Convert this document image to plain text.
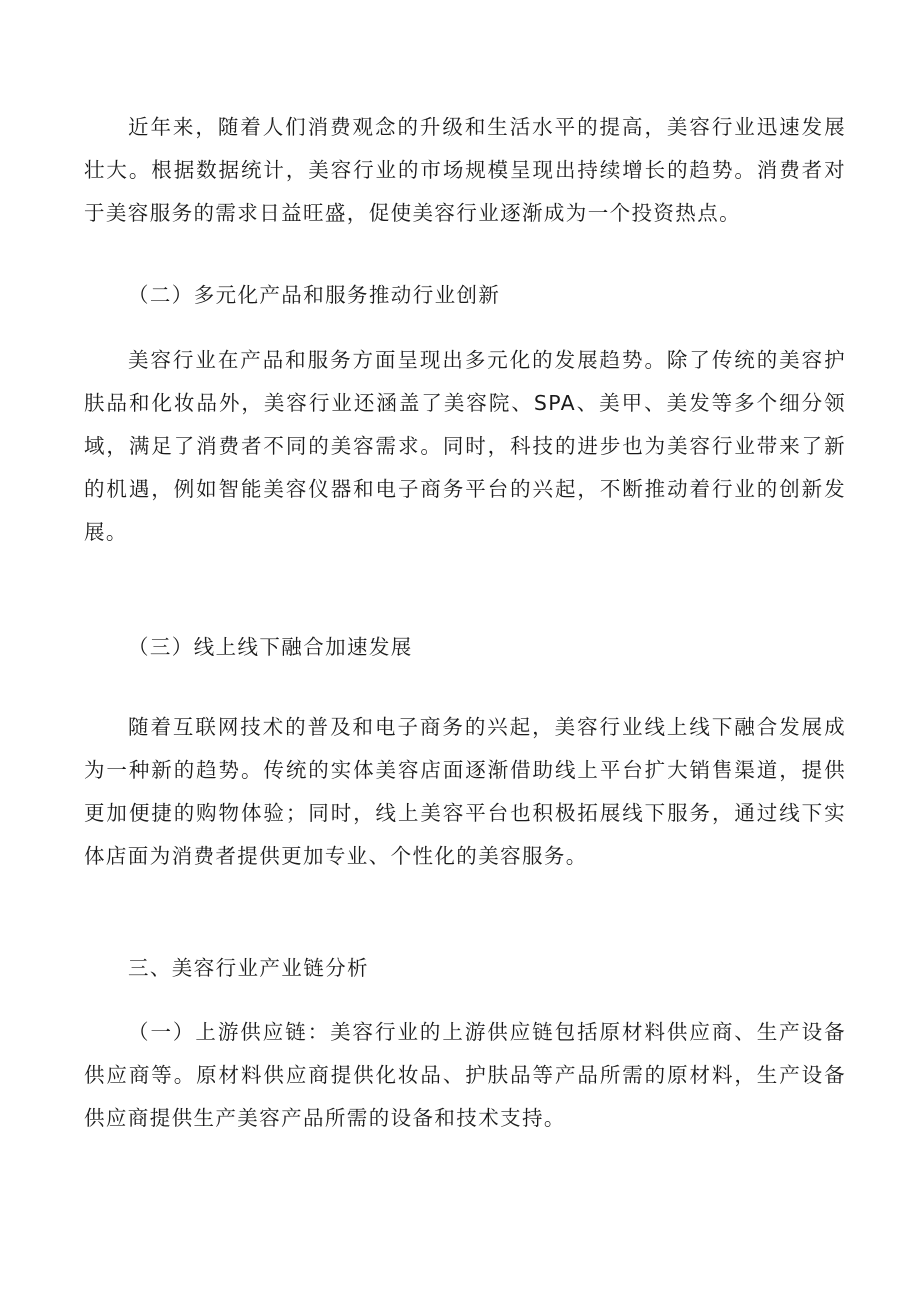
近年来，随着人们消费观念的升级和生活水平的提高，美容行业迅速发展壮大。根据数据统计，美容行业的市场规模呈现出持续增长的趋势。消费者对于美容服务的需求日益旺盛，促使美容行业逐渐成为一个投资热点。

（二）多元化产品和服务推动行业创新

美容行业在产品和服务方面呈现出多元化的发展趋势。除了传统的美容护肤品和化妆品外，美容行业还涵盖了美容院、SPA、美甲、美发等多个细分领域，满足了消费者不同的美容需求。同时，科技的进步也为美容行业带来了新的机遇，例如智能美容仪器和电子商务平台的兴起，不断推动着行业的创新发展。

（三）线上线下融合加速发展

随着互联网技术的普及和电子商务的兴起，美容行业线上线下融合发展成为一种新的趋势。传统的实体美容店面逐渐借助线上平台扩大销售渠道，提供更加便捷的购物体验；同时，线上美容平台也积极拓展线下服务，通过线下实体店面为消费者提供更加专业、个性化的美容服务。

三、美容行业产业链分析

（一）上游供应链：美容行业的上游供应链包括原材料供应商、生产设备供应商等。原材料供应商提供化妆品、护肤品等产品所需的原材料，生产设备供应商提供生产美容产品所需的设备和技术支持。
